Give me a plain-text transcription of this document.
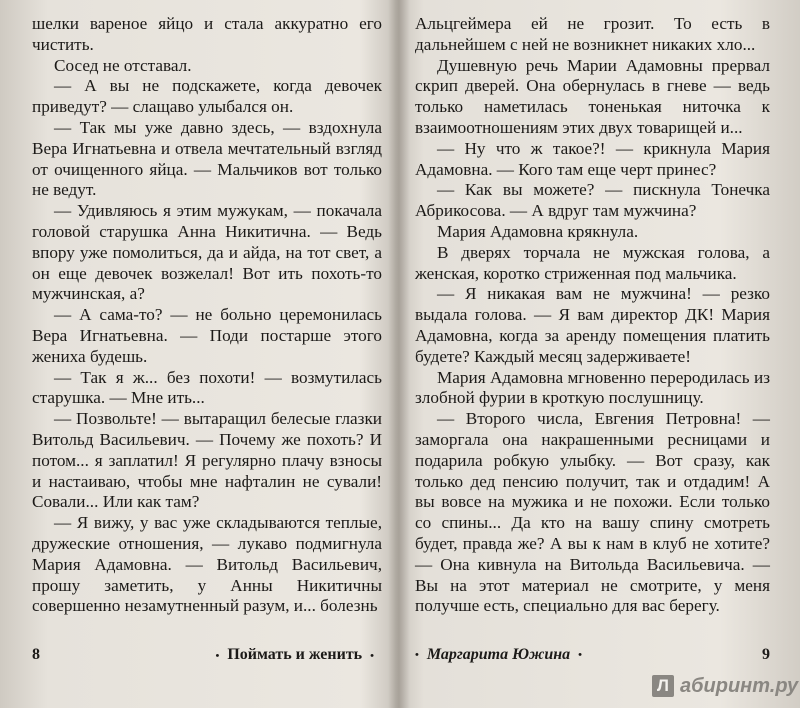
шелки вареное яйцо и стала аккуратно его чистить.

Сосед не отставал.

— А вы не подскажете, когда девочек приведут? — слащаво улыбался он.

— Так мы уже давно здесь, — вздохнула Вера Игнатьевна и отвела мечтательный взгляд от очищенного яйца. — Мальчиков вот только не ведут.

— Удивляюсь я этим мужукам, — покачала головой старушка Анна Никитична. — Ведь впору уже помолиться, да и айда, на тот свет, а он еще девочек возжелал! Вот ить похоть-то мужчинская, а?

— А сама-то? — не больно церемонилась Вера Игнатьевна. — Поди постарше этого жениха будешь.

— Так я ж... без похоти! — возмутилась старушка. — Мне ить...

— Позвольте! — вытаращил белесые глазки Витольд Васильевич. — Почему же похоть? И потом... я заплатил! Я регулярно плачу взносы и настаиваю, чтобы мне нафталин не сували! Совали... Или как там?

— Я вижу, у вас уже складываются теплые, дружеские отношения, — лукаво подмигнула Мария Адамовна. — Витольд Васильевич, прошу заметить, у Анны Никитичны совершенно незамутненный разум, и... болезнь

Альцгеймера ей не грозит. То есть в дальнейшем с ней не возникнет никаких хло...

Душевную речь Марии Адамовны прервал скрип дверей. Она обернулась в гневе — ведь только наметилась тоненькая ниточка к взаимоотношениям этих двух товарищей и...

— Ну что ж такое?! — крикнула Мария Адамовна. — Кого там еще черт принес?

— Как вы можете? — пискнула Тонечка Абрикосова. — А вдруг там мужчина?

Мария Адамовна крякнула.

В дверях торчала не мужская голова, а женская, коротко стриженная под мальчика.

— Я никакая вам не мужчина! — резко выдала голова. — Я вам директор ДК! Мария Адамовна, когда за аренду помещения платить будете? Каждый месяц задерживаете!

Мария Адамовна мгновенно переродилась из злобной фурии в кроткую послушницу.

— Второго числа, Евгения Петровна! — заморгала она накрашенными ресницами и подарила робкую улыбку. — Вот сразу, как только дед пенсию получит, так и отдадим! А вы вовсе на мужика и не похожи. Если только со спины... Да кто на вашу спину смотреть будет, правда же? А вы к нам в клуб не хотите? — Она кивнула на Витольда Васильевича. — Вы на этот материал не смотрите, у меня получше есть, специально для вас берегу.

8	• Поймать и женить •	• Маргарита Южина •	9
Л абиринт.ру
